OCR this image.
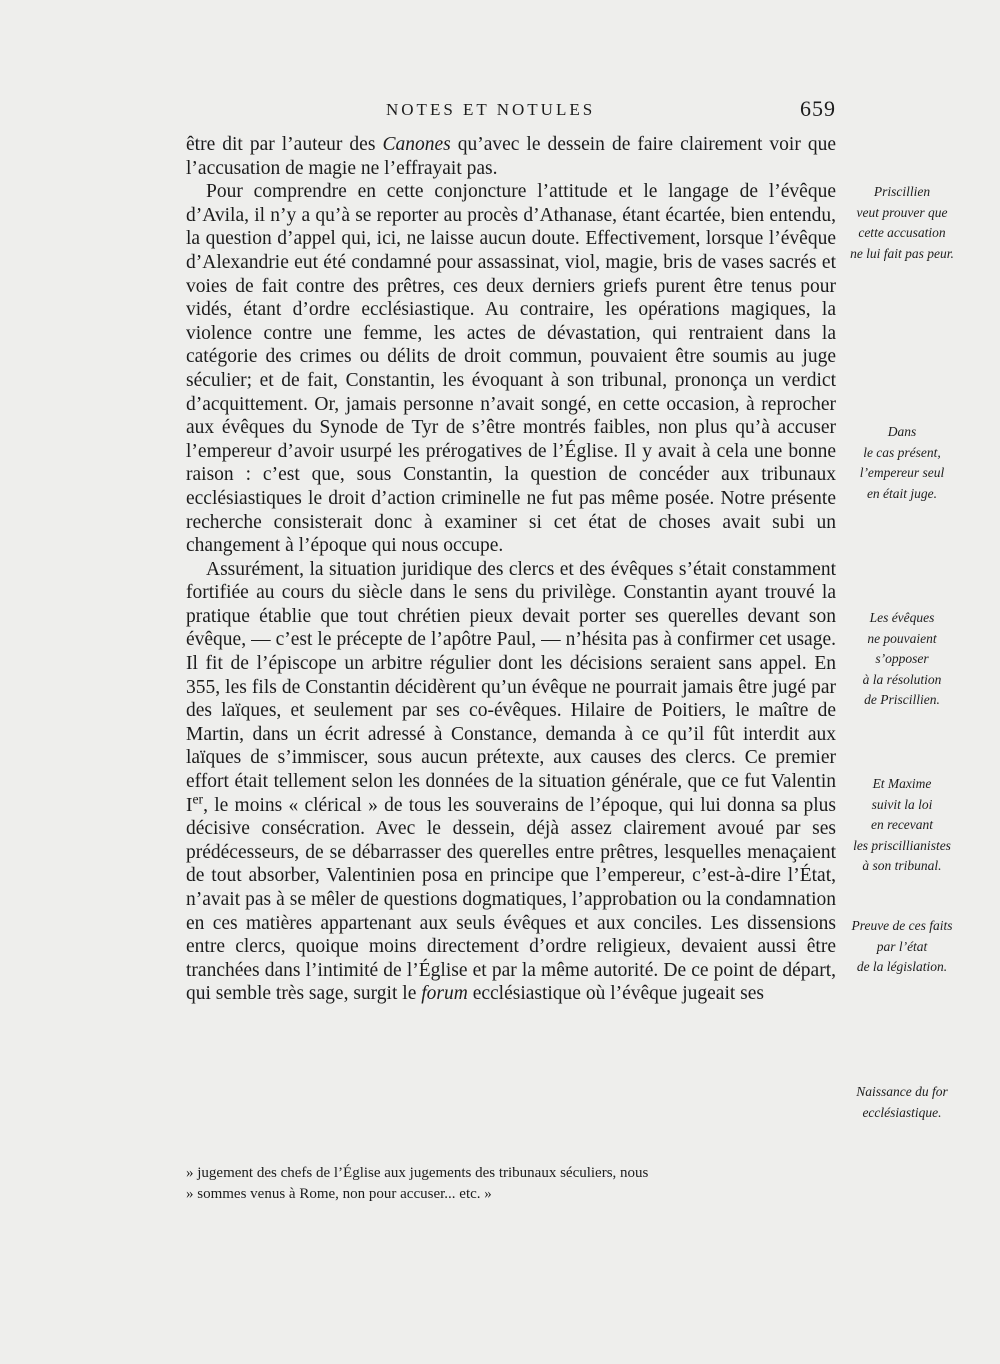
NOTES ET NOTULES	659

être dit par l’auteur des Canones qu’avec le dessein de faire clairement voir que l’accusation de magie ne l’effrayait pas.

Pour comprendre en cette conjoncture l’attitude et le langage de l’évêque d’Avila, il n’y a qu’à se reporter au procès d’Athanase, étant écartée, bien entendu, la question d’appel qui, ici, ne laisse aucun doute. Effectivement, lorsque l’évêque d’Alexandrie eut été condamné pour assassinat, viol, magie, bris de vases sacrés et voies de fait contre des prêtres, ces deux derniers griefs purent être tenus pour vidés, étant d’ordre ecclésiastique. Au contraire, les opérations magiques, la violence contre une femme, les actes de dévastation, qui rentraient dans la catégorie des crimes ou délits de droit commun, pouvaient être soumis au juge séculier; et de fait, Constantin, les évoquant à son tribunal, prononça un verdict d’acquittement. Or, jamais personne n’avait songé, en cette occasion, à reprocher aux évêques du Synode de Tyr de s’être montrés faibles, non plus qu’à accuser l’empereur d’avoir usurpé les prérogatives de l’Église. Il y avait à cela une bonne raison : c’est que, sous Constantin, la question de concéder aux tribunaux ecclésiastiques le droit d’action criminelle ne fut pas même posée. Notre présente recherche consisterait donc à examiner si cet état de choses avait subi un changement à l’époque qui nous occupe.

Assurément, la situation juridique des clercs et des évêques s’était constamment fortifiée au cours du siècle dans le sens du privilège. Constantin ayant trouvé la pratique établie que tout chrétien pieux devait porter ses querelles devant son évêque, — c’est le précepte de l’apôtre Paul, — n’hésita pas à confirmer cet usage. Il fit de l’épiscope un arbitre régulier dont les décisions seraient sans appel. En 355, les fils de Constantin décidèrent qu’un évêque ne pourrait jamais être jugé par des laïques, et seulement par ses co-évêques. Hilaire de Poitiers, le maître de Martin, dans un écrit adressé à Constance, demanda à ce qu’il fût interdit aux laïques de s’immiscer, sous aucun prétexte, aux causes des clercs. Ce premier effort était tellement selon les données de la situation générale, que ce fut Valentin Ier, le moins « clérical » de tous les souverains de l’époque, qui lui donna sa plus décisive consécration. Avec le dessein, déjà assez clairement avoué par ses prédécesseurs, de se débarrasser des querelles entre prêtres, lesquelles menaçaient de tout absorber, Valentinien posa en principe que l’empereur, c’est-à-dire l’État, n’avait pas à se mêler de questions dogmatiques, l’approbation ou la condamnation en ces matières appartenant aux seuls évêques et aux conciles. Les dissensions entre clercs, quoique moins directement d’ordre religieux, devaient aussi être tranchées dans l’intimité de l’Église et par la même autorité. De ce point de départ, qui semble très sage, surgit le forum ecclésiastique où l’évêque jugeait ses

» jugement des chefs de l’Église aux jugements des tribunaux séculiers, nous

» sommes venus à Rome, non pour accuser... etc. »

Priscillien
veut prouver que
cette accusation
ne lui fait pas peur.
Dans
le cas présent,
l’empereur seul
en était juge.
Les évêques
ne pouvaient
s’opposer
à la résolution
de Priscillien.
Et Maxime
suivit la loi
en recevant
les priscillianistes
à son tribunal.
Preuve de ces faits
par l’état
de la législation.
Naissance du for
ecclésiastique.
